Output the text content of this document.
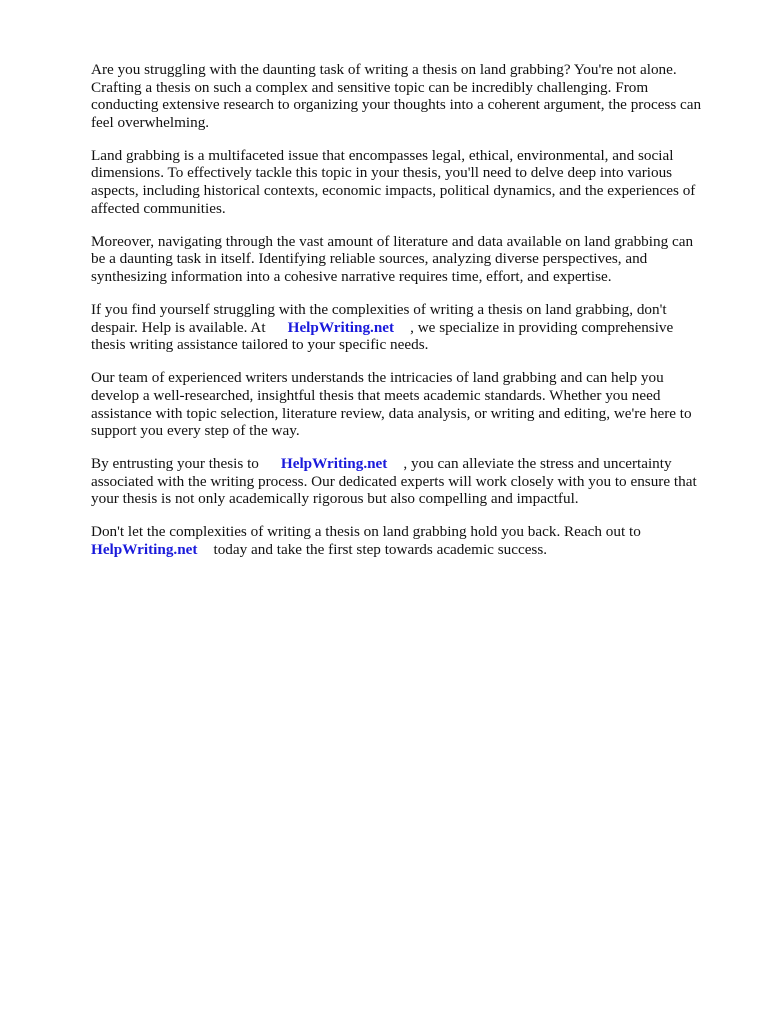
Are you struggling with the daunting task of writing a thesis on land grabbing? You're not alone.
Crafting a thesis on such a complex and sensitive topic can be incredibly challenging. From
conducting extensive research to organizing your thoughts into a coherent argument, the process can
feel overwhelming.

Land grabbing is a multifaceted issue that encompasses legal, ethical, environmental, and social
dimensions. To effectively tackle this topic in your thesis, you'll need to delve deep into various
aspects, including historical contexts, economic impacts, political dynamics, and the experiences of
affected communities.

Moreover, navigating through the vast amount of literature and data available on land grabbing can
be a daunting task in itself. Identifying reliable sources, analyzing diverse perspectives, and
synthesizing information into a cohesive narrative requires time, effort, and expertise.

If you find yourself struggling with the complexities of writing a thesis on land grabbing, don't
despair. Help is available. At HelpWriting.net , we specialize in providing comprehensive
thesis writing assistance tailored to your specific needs.

Our team of experienced writers understands the intricacies of land grabbing and can help you
develop a well-researched, insightful thesis that meets academic standards. Whether you need
assistance with topic selection, literature review, data analysis, or writing and editing, we're here to
support you every step of the way.

By entrusting your thesis to HelpWriting.net , you can alleviate the stress and uncertainty
associated with the writing process. Our dedicated experts will work closely with you to ensure that
your thesis is not only academically rigorous but also compelling and impactful.

Don't let the complexities of writing a thesis on land grabbing hold you back. Reach out to
HelpWriting.net today and take the first step towards academic success.
